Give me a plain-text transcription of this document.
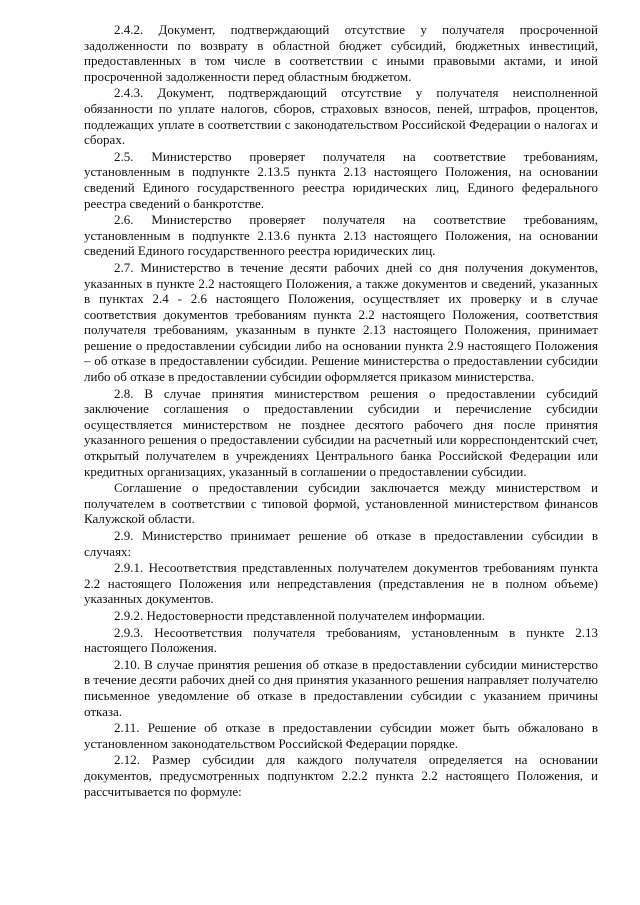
2.4.2. Документ, подтверждающий отсутствие у получателя просроченной задолженности по возврату в областной бюджет субсидий, бюджетных инвестиций, предоставленных в том числе в соответствии с иными правовыми актами, и иной просроченной задолженности перед областным бюджетом.

2.4.3. Документ, подтверждающий отсутствие у получателя неисполненной обязанности по уплате налогов, сборов, страховых взносов, пеней, штрафов, процентов, подлежащих уплате в соответствии с законодательством Российской Федерации о налогах и сборах.

2.5. Министерство проверяет получателя на соответствие требованиям, установленным в подпункте 2.13.5 пункта 2.13 настоящего Положения, на основании сведений Единого государственного реестра юридических лиц, Единого федерального реестра сведений о банкротстве.

2.6. Министерство проверяет получателя на соответствие требованиям, установленным в подпункте 2.13.6 пункта 2.13 настоящего Положения, на основании сведений Единого государственного реестра юридических лиц.

2.7. Министерство в течение десяти рабочих дней со дня получения документов, указанных в пункте 2.2 настоящего Положения, а также документов и сведений, указанных в пунктах 2.4 - 2.6 настоящего Положения, осуществляет их проверку и в случае соответствия документов требованиям пункта 2.2 настоящего Положения, соответствия получателя требованиям, указанным в пункте 2.13 настоящего Положения, принимает решение о предоставлении субсидии либо на основании пункта 2.9 настоящего Положения – об отказе в предоставлении субсидии. Решение министерства о предоставлении субсидии либо об отказе в предоставлении субсидии оформляется приказом министерства.

2.8. В случае принятия министерством решения о предоставлении субсидий заключение соглашения о предоставлении субсидии и перечисление субсидии осуществляется министерством не позднее десятого рабочего дня после принятия указанного решения о предоставлении субсидии на расчетный или корреспондентский счет, открытый получателем в учреждениях Центрального банка Российской Федерации или кредитных организациях, указанный в соглашении о предоставлении субсидии.

Соглашение о предоставлении субсидии заключается между министерством и получателем в соответствии с типовой формой, установленной министерством финансов Калужской области.

2.9. Министерство принимает решение об отказе в предоставлении субсидии в случаях:

2.9.1. Несоответствия представленных получателем документов требованиям пункта 2.2 настоящего Положения или непредставления (представления не в полном объеме) указанных документов.

2.9.2. Недостоверности представленной получателем информации.

2.9.3. Несоответствия получателя требованиям, установленным в пункте 2.13 настоящего Положения.

2.10. В случае принятия решения об отказе в предоставлении субсидии министерство в течение десяти рабочих дней со дня принятия указанного решения направляет получателю письменное уведомление об отказе в предоставлении субсидии с указанием причины отказа.

2.11. Решение об отказе в предоставлении субсидии может быть обжаловано в установленном законодательством Российской Федерации порядке.

2.12. Размер субсидии для каждого получателя определяется на основании документов, предусмотренных подпунктом 2.2.2 пункта 2.2 настоящего Положения, и рассчитывается по формуле:
